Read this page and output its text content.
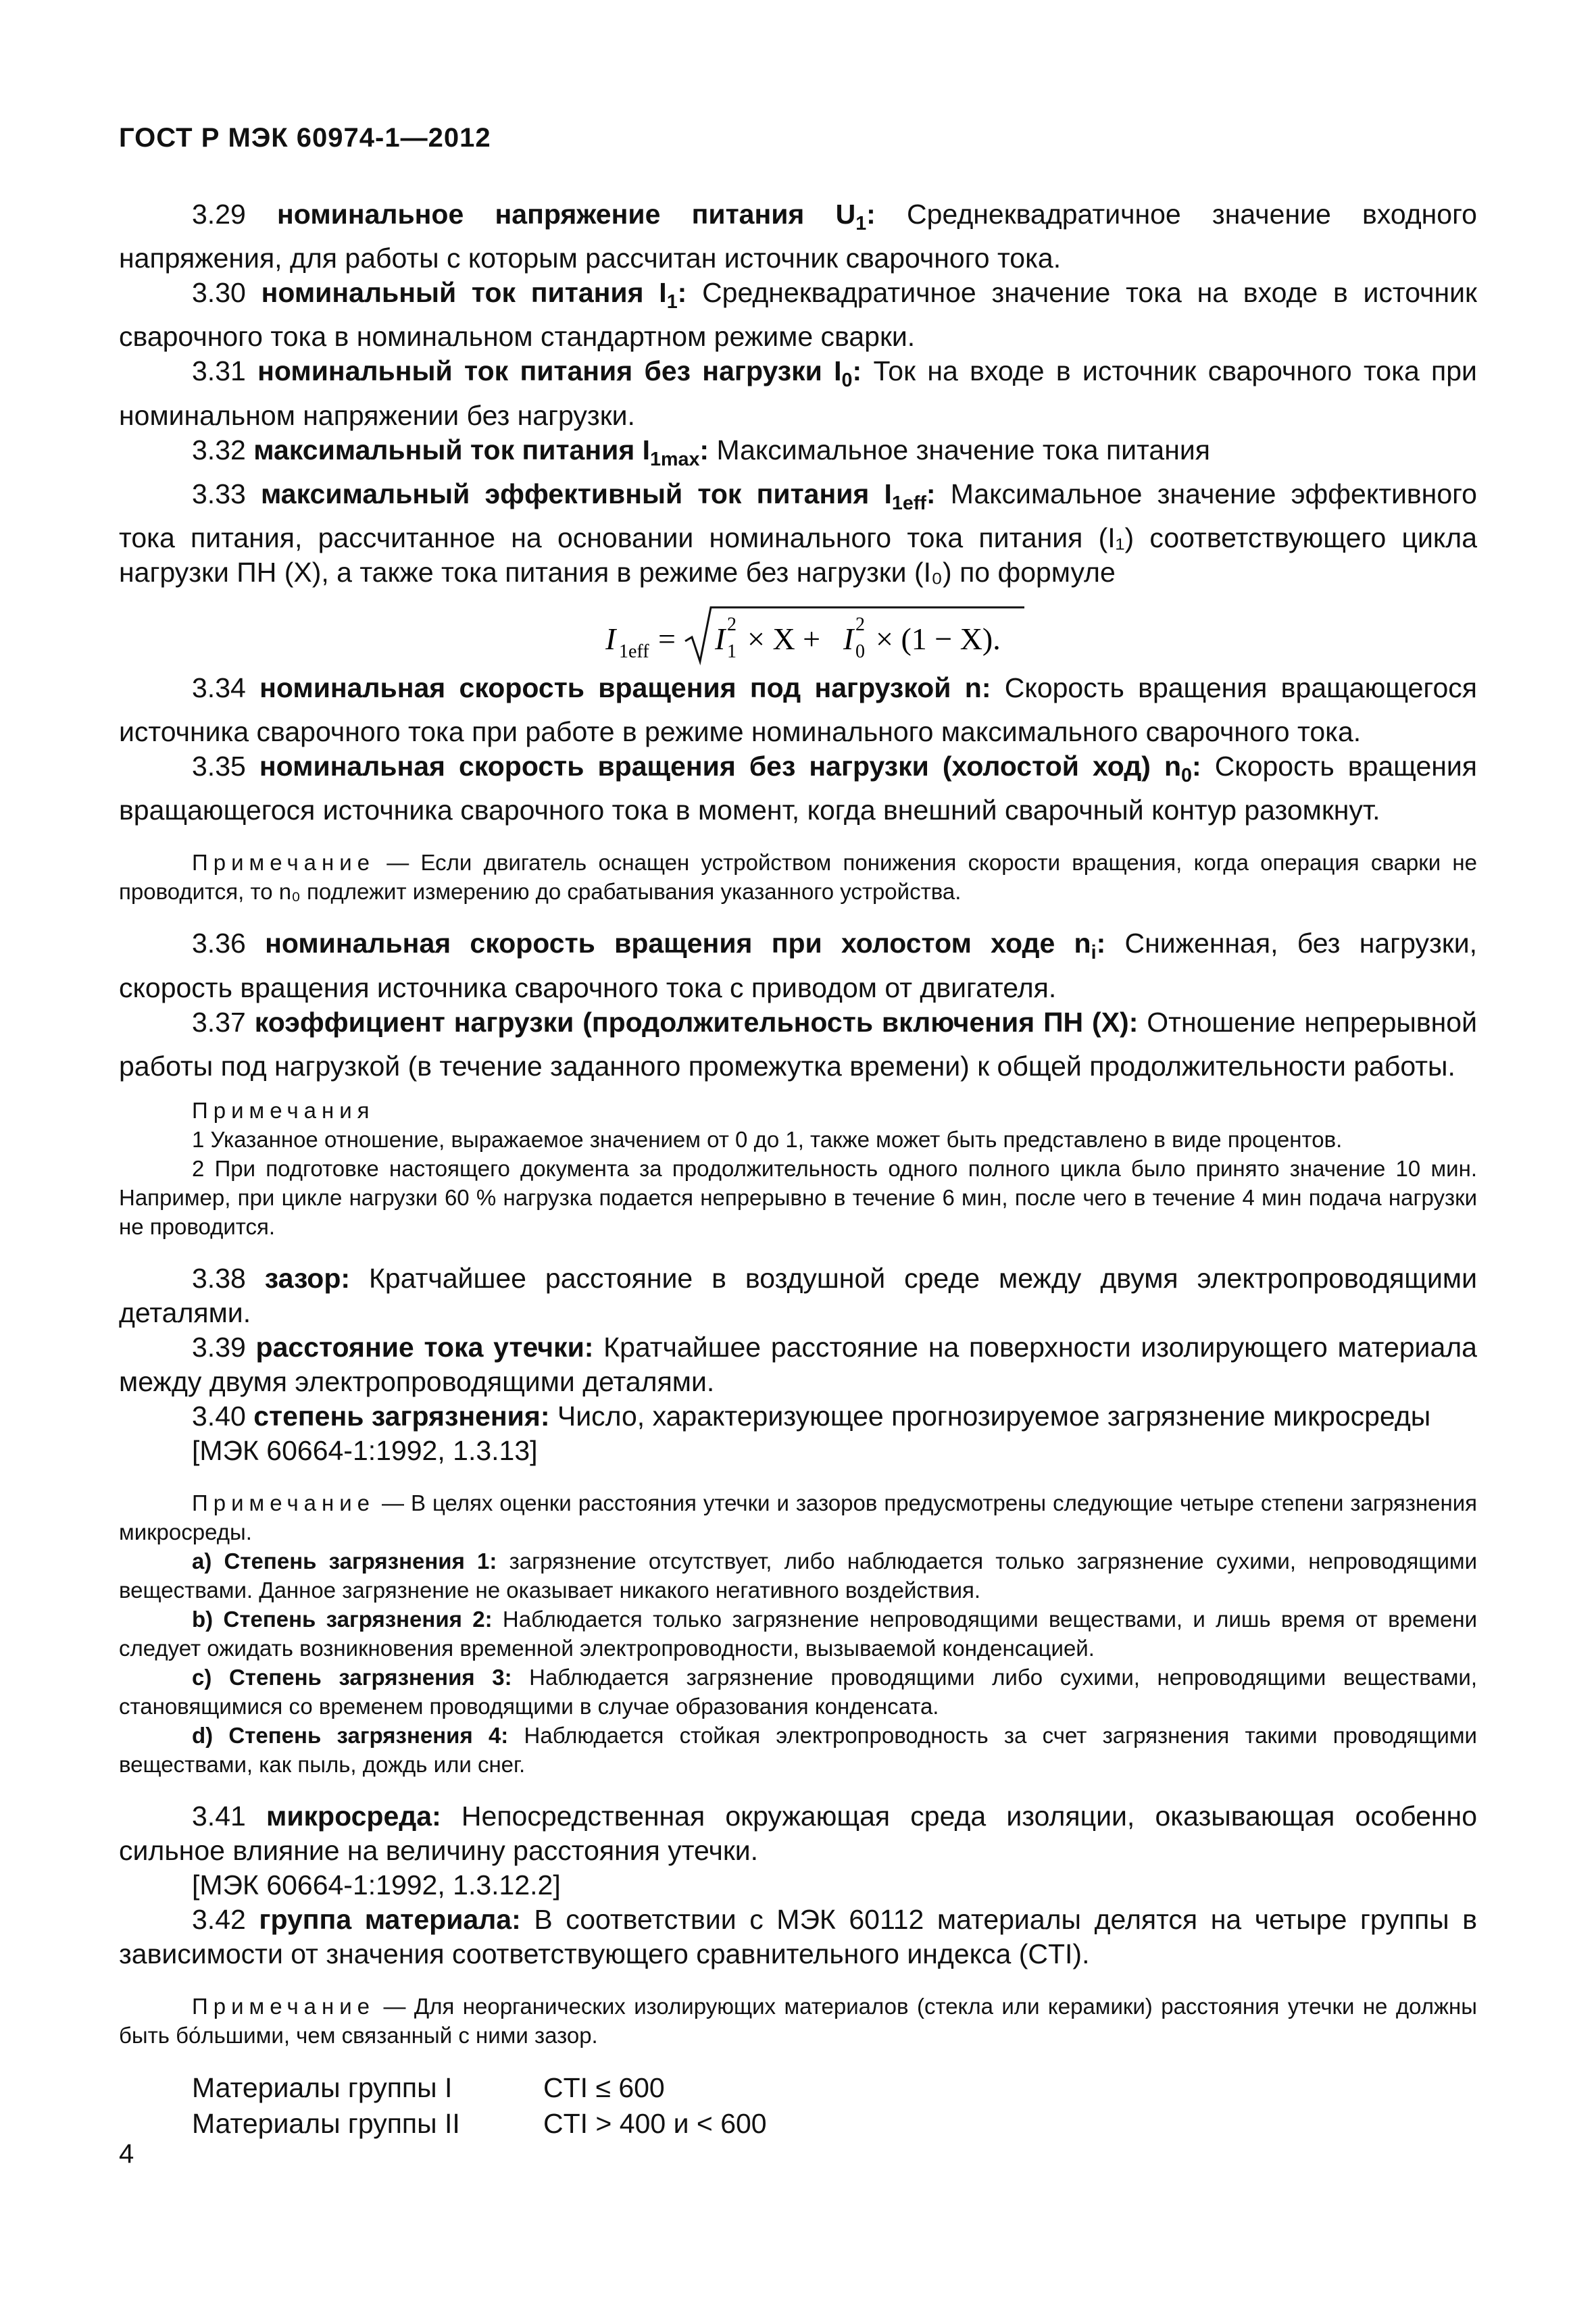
ГОСТ Р МЭК 60974-1—2012

3.29 номинальное напряжение питания $U_1$: Среднеквадратичное значение входного напряжения, для работы с которым рассчитан источник сварочного тока.

3.30 номинальный ток питания $I_1$: Среднеквадратичное значение тока на входе в источник сварочного тока в номинальном стандартном режиме сварки.

3.31 номинальный ток питания без нагрузки $I_0$: Ток на входе в источник сварочного тока при номинальном напряжении без нагрузки.

3.32 максимальный ток питания $I_{1max}$: Максимальное значение тока питания

3.33 максимальный эффективный ток питания $I_{1eff}$: Максимальное значение эффективного тока питания, рассчитанное на основании номинального тока питания (I₁) соответствующего цикла нагрузки ПН (X), а также тока питания в режиме без нагрузки (I₀) по формуле

I 1eff = I 2
1 × X + I 2
0 × (1 − X).

3.34 номинальная скорость вращения под нагрузкой n: Скорость вращения вращающегося источника сварочного тока при работе в режиме номинального максимального сварочного тока.

3.35 номинальная скорость вращения без нагрузки (холостой ход) $n_0$: Скорость вращения вращающегося источника сварочного тока в момент, когда внешний сварочный контур разомкнут.

Примечание — Если двигатель оснащен устройством понижения скорости вращения, когда операция сварки не проводится, то n₀ подлежит измерению до срабатывания указанного устройства.

3.36 номинальная скорость вращения при холостом ходе $n_i$: Сниженная, без нагрузки, скорость вращения источника сварочного тока с приводом от двигателя.

3.37 коэффициент нагрузки (продолжительность включения ПН (X): Отношение непрерывной работы под нагрузкой (в течение заданного промежутка времени) к общей продолжительности работы.

Примечания

1 Указанное отношение, выражаемое значением от 0 до 1, также может быть представлено в виде процентов.

2 При подготовке настоящего документа за продолжительность одного полного цикла было принято значение 10 мин. Например, при цикле нагрузки 60 % нагрузка подается непрерывно в течение 6 мин, после чего в течение 4 мин подача нагрузки не проводится.

3.38 зазор: Кратчайшее расстояние в воздушной среде между двумя электропроводящими деталями.

3.39 расстояние тока утечки: Кратчайшее расстояние на поверхности изолирующего материала между двумя электропроводящими деталями.

3.40 степень загрязнения: Число, характеризующее прогнозируемое загрязнение микросреды

[МЭК 60664-1:1992, 1.3.13]

Примечание — В целях оценки расстояния утечки и зазоров предусмотрены следующие четыре степени загрязнения микросреды.

a) Степень загрязнения 1: загрязнение отсутствует, либо наблюдается только загрязнение сухими, непроводящими веществами. Данное загрязнение не оказывает никакого негативного воздействия.

b) Степень загрязнения 2: Наблюдается только загрязнение непроводящими веществами, и лишь время от времени следует ожидать возникновения временной электропроводности, вызываемой конденсацией.

c) Степень загрязнения 3: Наблюдается загрязнение проводящими либо сухими, непроводящими веществами, становящимися со временем проводящими в случае образования конденсата.

d) Степень загрязнения 4: Наблюдается стойкая электропроводность за счет загрязнения такими проводящими веществами, как пыль, дождь или снег.

3.41 микросреда: Непосредственная окружающая среда изоляции, оказывающая особенно сильное влияние на величину расстояния утечки.

[МЭК 60664-1:1992, 1.3.12.2]

3.42 группа материала: В соответствии с МЭК 60112 материалы делятся на четыре группы в зависимости от значения соответствующего сравнительного индекса (CTI).

Примечание — Для неорганических изолирующих материалов (стекла или керамики) расстояния утечки не должны быть бо́льшими, чем связанный с ними зазор.

Материалы группы I	CTI ≤ 600
Материалы группы II	CTI > 400 и < 600
4
